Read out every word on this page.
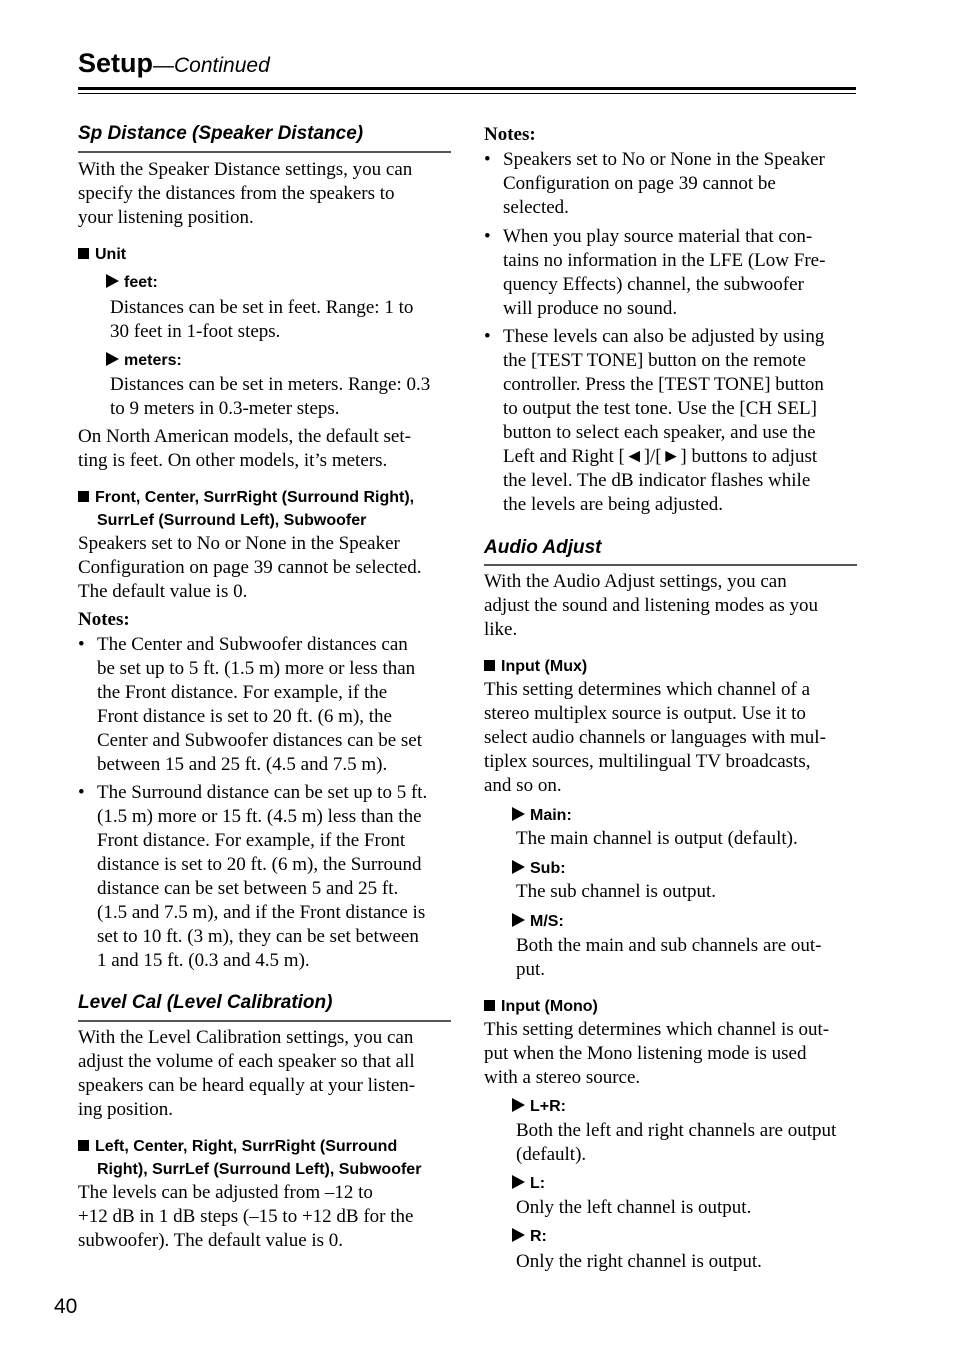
Setup—Continued
Sp Distance (Speaker Distance)
With the Speaker Distance settings, you can
specify the distances from the speakers to
your listening position.
Unit
feet:
Distances can be set in feet. Range: 1 to
30 feet in 1-foot steps.
meters:
Distances can be set in meters. Range: 0.3
to 9 meters in 0.3-meter steps.
On North American models, the default set-
ting is feet. On other models, it’s meters.
Front, Center, SurrRight (Surround Right),
SurrLef (Surround Left), Subwoofer
Speakers set to No or None in the Speaker
Configuration on page 39 cannot be selected.
The default value is 0.
Notes:
• The Center and Subwoofer distances can
be set up to 5 ft. (1.5 m) more or less than
the Front distance. For example, if the
Front distance is set to 20 ft. (6 m), the
Center and Subwoofer distances can be set
between 15 and 25 ft. (4.5 and 7.5 m).
• The Surround distance can be set up to 5 ft.
(1.5 m) more or 15 ft. (4.5 m) less than the
Front distance. For example, if the Front
distance is set to 20 ft. (6 m), the Surround
distance can be set between 5 and 25 ft.
(1.5 and 7.5 m), and if the Front distance is
set to 10 ft. (3 m), they can be set between
1 and 15 ft. (0.3 and 4.5 m).
Level Cal (Level Calibration)
With the Level Calibration settings, you can
adjust the volume of each speaker so that all
speakers can be heard equally at your listen-
ing position.
Left, Center, Right, SurrRight (Surround
Right), SurrLef (Surround Left), Subwoofer
The levels can be adjusted from –12 to
+12 dB in 1 dB steps (–15 to +12 dB for the
subwoofer). The default value is 0.
Notes:
• Speakers set to No or None in the Speaker
Configuration on page 39 cannot be
selected.
• When you play source material that con-
tains no information in the LFE (Low Fre-
quency Effects) channel, the subwoofer
will produce no sound.
• These levels can also be adjusted by using
the [TEST TONE] button on the remote
controller. Press the [TEST TONE] button
to output the test tone. Use the [CH SEL]
button to select each speaker, and use the
Left and Right [◄]/[►] buttons to adjust
the level. The dB indicator flashes while
the levels are being adjusted.
Audio Adjust
With the Audio Adjust settings, you can
adjust the sound and listening modes as you
like.
Input (Mux)
This setting determines which channel of a
stereo multiplex source is output. Use it to
select audio channels or languages with mul-
tiplex sources, multilingual TV broadcasts,
and so on.
Main:
The main channel is output (default).
Sub:
The sub channel is output.
M/S:
Both the main and sub channels are out-
put.
Input (Mono)
This setting determines which channel is out-
put when the Mono listening mode is used
with a stereo source.
L+R:
Both the left and right channels are output
(default).
L:
Only the left channel is output.
R:
Only the right channel is output.
40
